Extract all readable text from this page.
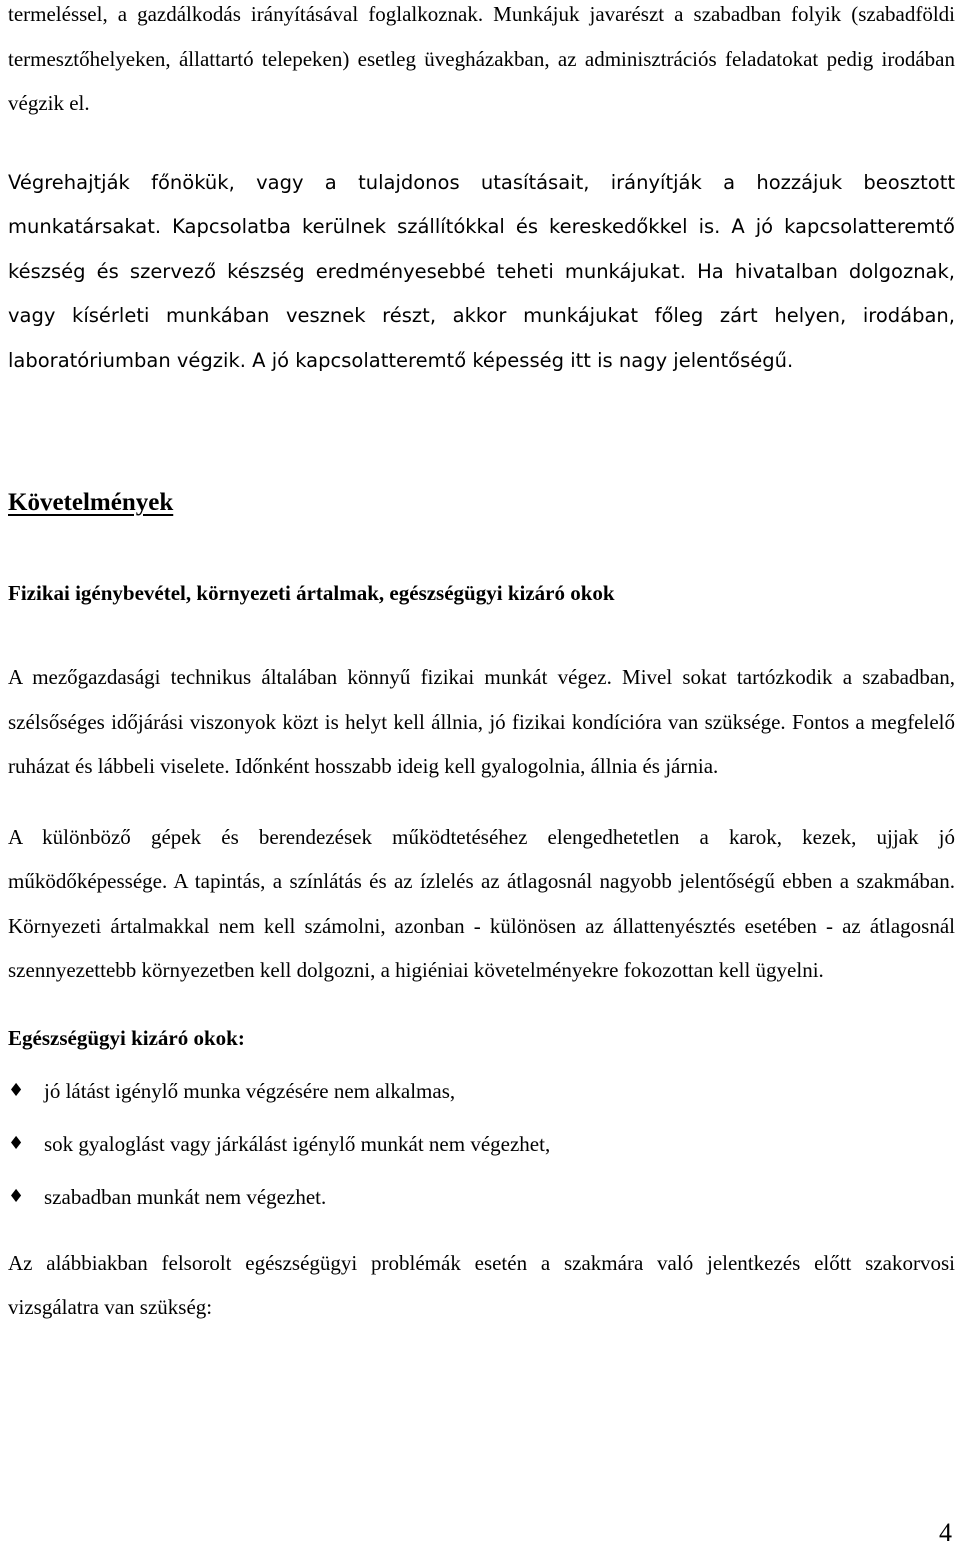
termeléssel, a gazdálkodás irányításával foglalkoznak. Munkájuk javarészt a szabadban folyik (szabadföldi termesztőhelyeken, állattartó telepeken) esetleg üvegházakban, az adminisztrációs feladatokat pedig irodában végzik el.

Végrehajtják főnökük, vagy a tulajdonos utasításait, irányítják a hozzájuk beosztott munkatársakat. Kapcsolatba kerülnek szállítókkal és kereskedőkkel is. A jó kapcsolatteremtő készség és szervező készség eredményesebbé teheti munkájukat. Ha hivatalban dolgoznak, vagy kísérleti munkában vesznek részt, akkor munkájukat főleg zárt helyen, irodában, laboratóriumban végzik. A jó kapcsolatteremtő képesség itt is nagy jelentőségű.

Követelmények
Fizikai igénybevétel, környezeti ártalmak, egészségügyi kizáró okok

A mezőgazdasági technikus általában könnyű fizikai munkát végez. Mivel sokat tartózkodik a szabadban, szélsőséges időjárási viszonyok közt is helyt kell állnia, jó fizikai kondícióra van szüksége. Fontos a megfelelő ruházat és lábbeli viselete. Időnként hosszabb ideig kell gyalogolnia, állnia és járnia.

A különböző gépek és berendezések működtetéséhez elengedhetetlen a karok, kezek, ujjak jó működőképessége. A tapintás, a színlátás és az ízlelés az átlagosnál nagyobb jelentőségű ebben a szakmában. Környezeti ártalmakkal nem kell számolni, azonban - különösen az állattenyésztés esetében - az átlagosnál szennyezettebb környezetben kell dolgozni, a higiéniai követelményekre fokozottan kell ügyelni.

Egészségügyi kizáró okok:
♦ jó látást igénylő munka végzésére nem alkalmas,
♦ sok gyaloglást vagy járkálást igénylő munkát nem végezhet,
♦ szabadban munkát nem végezhet.

Az alábbiakban felsorolt egészségügyi problémák esetén a szakmára való jelentkezés előtt szakorvosi vizsgálatra van szükség:

4
